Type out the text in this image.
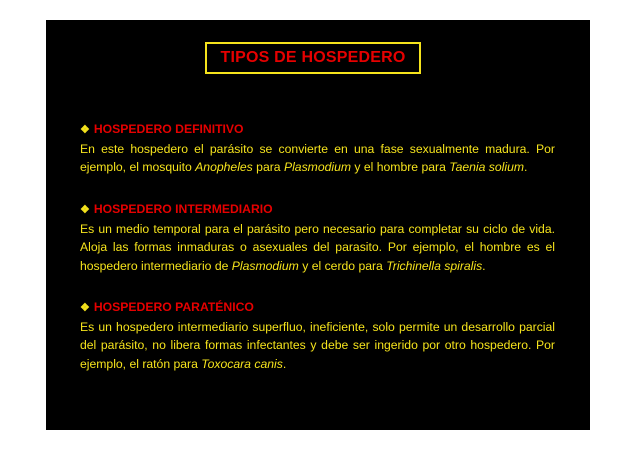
TIPOS DE HOSPEDERO
❖ HOSPEDERO DEFINITIVO
En este hospedero el parásito se convierte en una fase sexualmente madura. Por ejemplo, el mosquito Anopheles para Plasmodium y el hombre para Taenia solium.
❖ HOSPEDERO INTERMEDIARIO
Es un medio temporal para el parásito pero necesario para completar su ciclo de vida. Aloja las formas inmaduras o asexuales del parasito. Por ejemplo, el hombre es el hospedero intermediario de Plasmodium y el cerdo para Trichinella spiralis.
❖ HOSPEDERO PARATÉNICO
Es un hospedero intermediario superfluo, ineficiente, solo permite un desarrollo parcial del parásito, no libera formas infectantes y debe ser ingerido por otro hospedero. Por ejemplo, el ratón para Toxocara canis.
